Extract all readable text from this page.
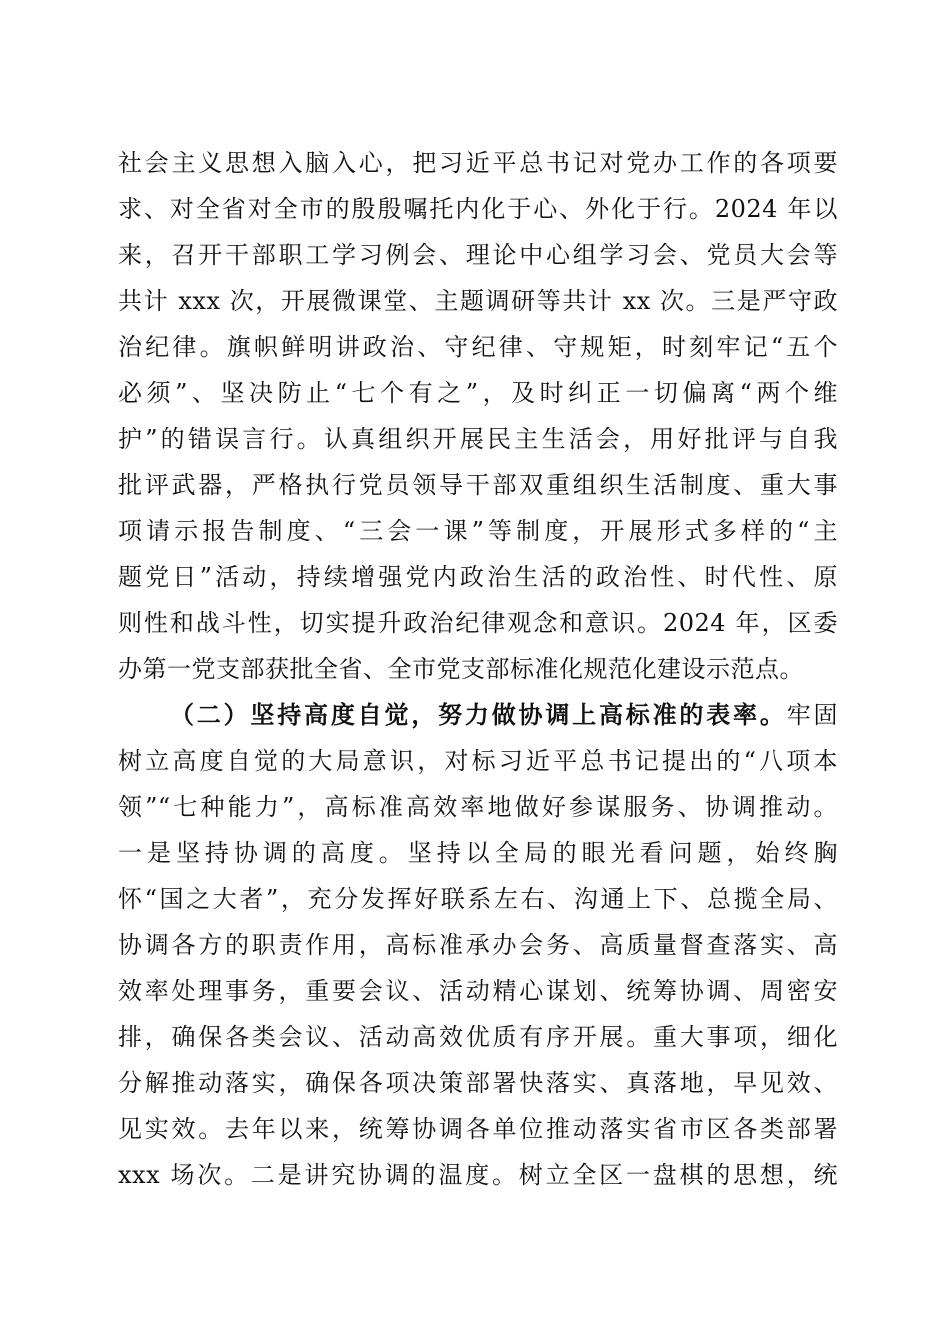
社会主义思想入脑入心，把习近平总书记对党办工作的各项要
求、对全省对全市的殷殷嘱托内化于心、外化于行。2024 年以
来，召开干部职工学习例会、理论中心组学习会、党员大会等
共计 xxx 次，开展微课堂、主题调研等共计 xx 次。三是严守政
治纪律。旗帜鲜明讲政治、守纪律、守规矩，时刻牢记“五个
必须”、坚决防止“七个有之”，及时纠正一切偏离“两个维
护”的错误言行。认真组织开展民主生活会，用好批评与自我
批评武器，严格执行党员领导干部双重组织生活制度、重大事
项请示报告制度、“三会一课”等制度，开展形式多样的“主
题党日”活动，持续增强党内政治生活的政治性、时代性、原
则性和战斗性，切实提升政治纪律观念和意识。2024 年，区委
办第一党支部获批全省、全市党支部标准化规范化建设示范点。
（二）坚持高度自觉，努力做协调上高标准的表率。牢固
树立高度自觉的大局意识，对标习近平总书记提出的“八项本
领”“七种能力”，高标准高效率地做好参谋服务、协调推动。
一是坚持协调的高度。坚持以全局的眼光看问题，始终胸
怀“国之大者”，充分发挥好联系左右、沟通上下、总揽全局、
协调各方的职责作用，高标准承办会务、高质量督查落实、高
效率处理事务，重要会议、活动精心谋划、统筹协调、周密安
排，确保各类会议、活动高效优质有序开展。重大事项，细化
分解推动落实，确保各项决策部署快落实、真落地，早见效、
见实效。去年以来，统筹协调各单位推动落实省市区各类部署
xxx 场次。二是讲究协调的温度。树立全区一盘棋的思想，统
